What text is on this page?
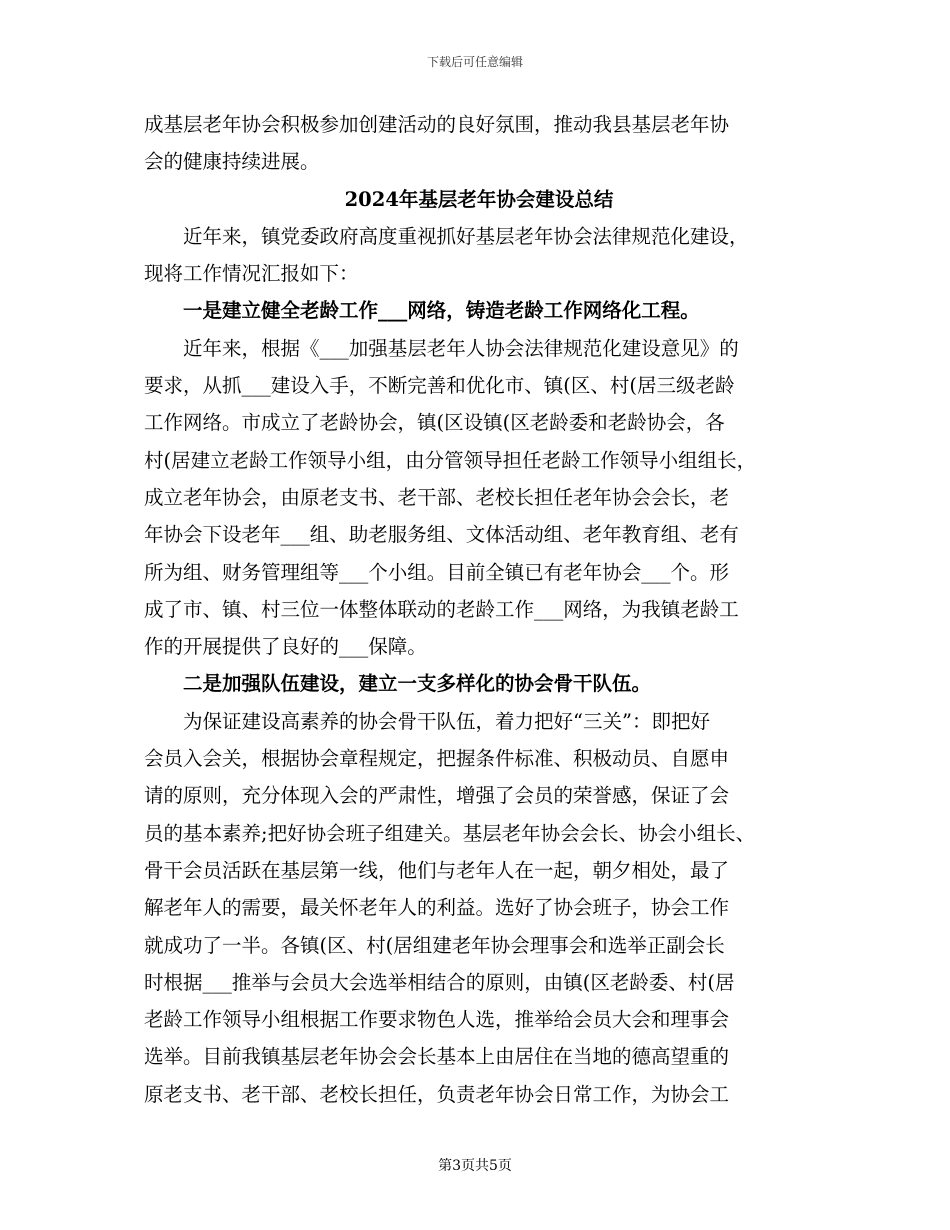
下载后可任意编辑

成基层老年协会积极参加创建活动的良好氛围，推动我县基层老年协
会的健康持续进展。

2024年基层老年协会建设总结

近年来，镇党委政府高度重视抓好基层老年协会法律规范化建设，
现将工作情况汇报如下：

一是建立健全老龄工作___网络，铸造老龄工作网络化工程。

近年来，根据《___加强基层老年人协会法律规范化建设意见》的
要求，从抓___建设入手，不断完善和优化市、镇(区、村(居三级老龄
工作网络。市成立了老龄协会，镇(区设镇(区老龄委和老龄协会，各
村(居建立老龄工作领导小组，由分管领导担任老龄工作领导小组组长，
成立老年协会，由原老支书、老干部、老校长担任老年协会会长，老
年协会下设老年___组、助老服务组、文体活动组、老年教育组、老有
所为组、财务管理组等___个小组。目前全镇已有老年协会___个。形
成了市、镇、村三位一体整体联动的老龄工作___网络，为我镇老龄工
作的开展提供了良好的___保障。

二是加强队伍建设，建立一支多样化的协会骨干队伍。

为保证建设高素养的协会骨干队伍，着力把好“三关”：即把好
会员入会关，根据协会章程规定，把握条件标准、积极动员、自愿申
请的原则，充分体现入会的严肃性，增强了会员的荣誉感，保证了会
员的基本素养;把好协会班子组建关。基层老年协会会长、协会小组长、
骨干会员活跃在基层第一线，他们与老年人在一起，朝夕相处，最了
解老年人的需要，最关怀老年人的利益。选好了协会班子，协会工作
就成功了一半。各镇(区、村(居组建老年协会理事会和选举正副会长
时根据___推举与会员大会选举相结合的原则，由镇(区老龄委、村(居
老龄工作领导小组根据工作要求物色人选，推举给会员大会和理事会
选举。目前我镇基层老年协会会长基本上由居住在当地的德高望重的
原老支书、老干部、老校长担任，负责老年协会日常工作，为协会工

第3页共5页
